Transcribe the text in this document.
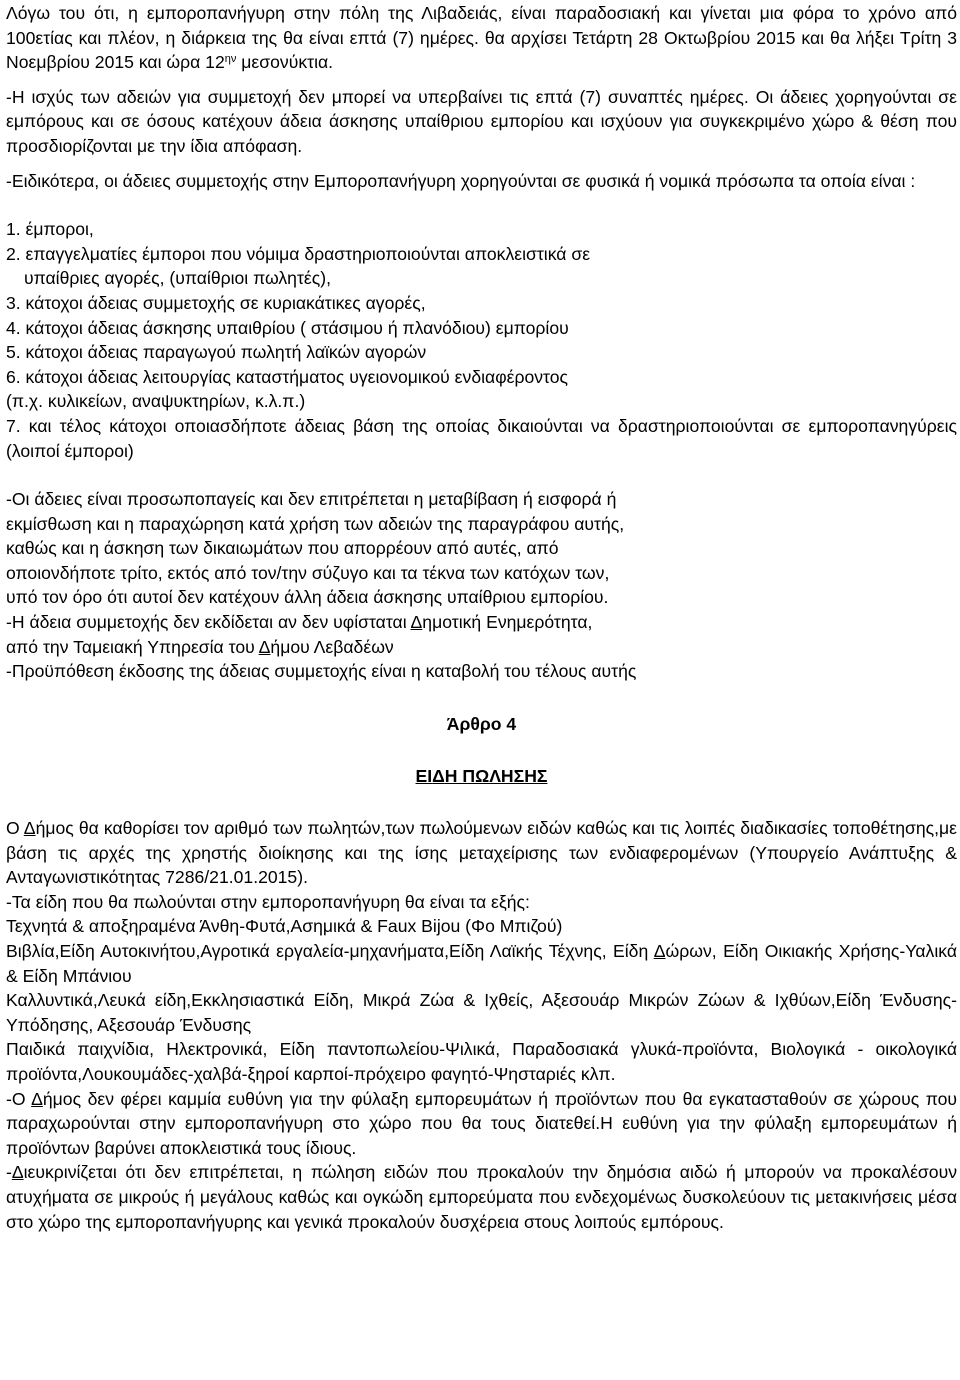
Λόγω του ότι, η εμποροπανήγυρη στην πόλη της Λιβαδειάς, είναι παραδοσιακή και γίνεται μια φόρα το χρόνο από 100ετίας και πλέον, η διάρκεια της θα είναι επτά (7) ημέρες. θα αρχίσει Τετάρτη 28 Οκτωβρίου 2015 και θα λήξει Τρίτη 3 Νοεμβρίου 2015 και ώρα $12^{\eta\nu}$ μεσονύκτια.

-Η ισχύς των αδειών για συμμετοχή δεν μπορεί να υπερβαίνει τις επτά (7) συναπτές ημέρες. Οι άδειες χορηγούνται σε εμπόρους και σε όσους κατέχουν άδεια άσκησης υπαίθριου εμπορίου και ισχύουν για συγκεκριμένο χώρο & θέση που προσδιορίζονται με την ίδια απόφαση.

-Ειδικότερα, οι άδειες συμμετοχής στην Εμποροπανήγυρη χορηγούνται σε φυσικά ή νομικά πρόσωπα τα οποία είναι :

1. έμποροι,

2. επαγγελματίες έμποροι που νόμιμα δραστηριοποιούνται αποκλειστικά σε

υπαίθριες αγορές, (υπαίθριοι πωλητές),

3. κάτοχοι άδειας συμμετοχής σε κυριακάτικες αγορές,

4. κάτοχοι άδειας άσκησης υπαιθρίου ( στάσιμου ή πλανόδιου) εμπορίου

5. κάτοχοι άδειας παραγωγού πωλητή λαϊκών αγορών

6. κάτοχοι άδειας λειτουργίας καταστήματος υγειονομικού ενδιαφέροντος

(π.χ. κυλικείων, αναψυκτηρίων, κ.λ.π.)

7. και τέλος κάτοχοι οποιασδήποτε άδειας βάση της οποίας δικαιούνται να δραστηριοποιούνται σε εμποροπανηγύρεις (λοιποί έμποροι)

-Οι άδειες είναι προσωποπαγείς και δεν επιτρέπεται η μεταβίβαση ή εισφορά ή

εκμίσθωση και η παραχώρηση κατά χρήση των αδειών της παραγράφου αυτής,

καθώς και η άσκηση των δικαιωμάτων που απορρέουν από αυτές, από

οποιονδήποτε τρίτο, εκτός από τον/την σύζυγο και τα τέκνα των κατόχων των,

υπό τον όρο ότι αυτοί δεν κατέχουν άλλη άδεια άσκησης υπαίθριου εμπορίου.

-Η άδεια συμμετοχής δεν εκδίδεται αν δεν υφίσταται Δημοτική Ενημερότητα,

από την Ταμειακή Υπηρεσία του Δήμου Λεβαδέων

-Προϋπόθεση έκδοσης της άδειας συμμετοχής είναι η καταβολή του τέλους αυτής

Άρθρο 4

ΕΙΔΗ ΠΩΛΗΣΗΣ

Ο Δήμος θα καθορίσει τον αριθμό των πωλητών,των πωλούμενων ειδών καθώς και τις λοιπές διαδικασίες τοποθέτησης,με βάση τις αρχές της χρηστής διοίκησης και της ίσης μεταχείρισης των ενδιαφερομένων (Υπουργείο Ανάπτυξης & Ανταγωνιστικότητας 7286/21.01.2015).

-Τα είδη που θα πωλούνται στην εμποροπανήγυρη θα είναι τα εξής:

Τεχνητά & αποξηραμένα Άνθη-Φυτά,Ασημικά & Faux Bijou (Φο Μπιζού)

Βιβλία,Είδη Αυτοκινήτου,Αγροτικά εργαλεία-μηχανήματα,Είδη Λαϊκής Τέχνης, Είδη Δώρων, Είδη Οικιακής Χρήσης-Υαλικά & Είδη Μπάνιου

Καλλυντικά,Λευκά είδη,Εκκλησιαστικά Είδη, Μικρά Ζώα & Ιχθείς, Αξεσουάρ Μικρών Ζώων & Ιχθύων,Είδη Ένδυσης-Υπόδησης, Αξεσουάρ Ένδυσης

Παιδικά παιχνίδια, Ηλεκτρονικά, Είδη παντοπωλείου-Ψιλικά, Παραδοσιακά γλυκά-προϊόντα, Βιολογικά - οικολογικά προϊόντα,Λουκουμάδες-χαλβά-ξηροί καρποί-πρόχειρο φαγητό-Ψησταριές κλπ.

-Ο Δήμος δεν φέρει καμμία ευθύνη για την φύλαξη εμπορευμάτων ή προϊόντων που θα εγκατασταθούν σε χώρους που παραχωρούνται στην εμποροπανήγυρη στο χώρο που θα τους διατεθεί.Η ευθύνη για την φύλαξη εμπορευμάτων ή προϊόντων βαρύνει αποκλειστικά τους ίδιους.

-Διευκρινίζεται ότι δεν επιτρέπεται, η πώληση ειδών που προκαλούν την δημόσια αιδώ ή μπορούν να προκαλέσουν ατυχήματα σε μικρούς ή μεγάλους καθώς και ογκώδη εμπορεύματα που ενδεχομένως δυσκολεύουν τις μετακινήσεις μέσα στο χώρο της εμποροπανήγυρης και γενικά προκαλούν δυσχέρεια στους λοιπούς εμπόρους.
